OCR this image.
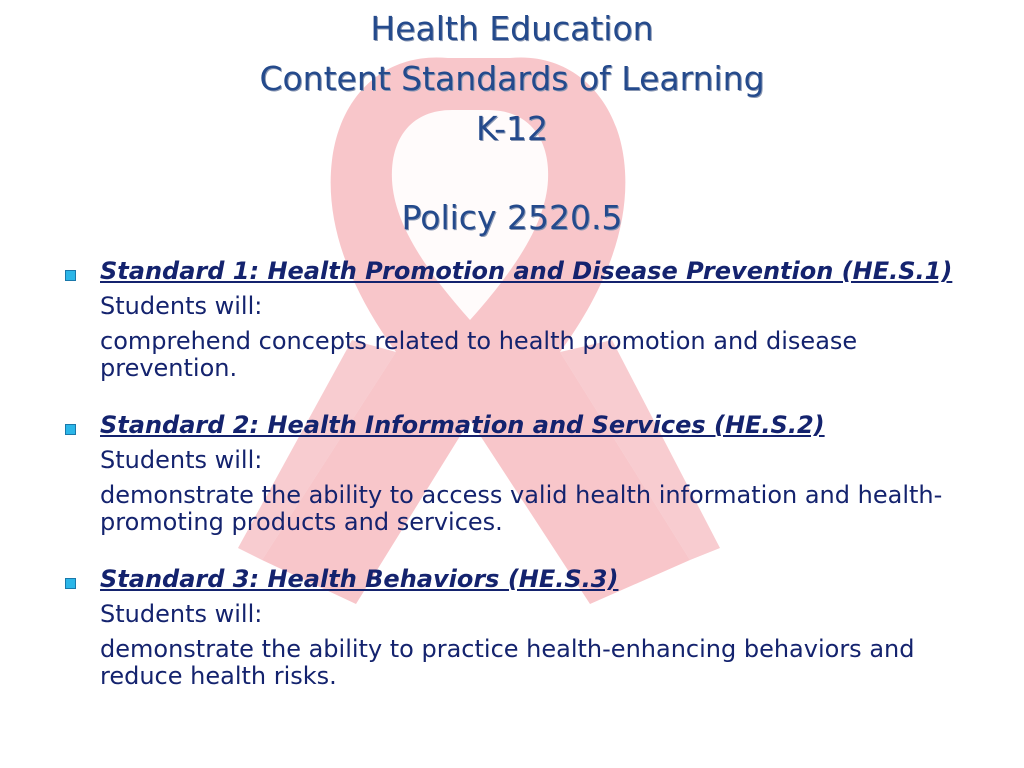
Health Education
Content Standards of Learning
K-12
Policy 2520.5
Standard 1: Health Promotion and Disease Prevention (HE.S.1)
Students will:
comprehend concepts related to health promotion and disease prevention.
Standard 2: Health Information and Services (HE.S.2)
Students will:
demonstrate the ability to access valid health information and health-promoting products and services.
Standard 3: Health Behaviors (HE.S.3)
Students will:
demonstrate the ability to practice health-enhancing behaviors and reduce health risks.
